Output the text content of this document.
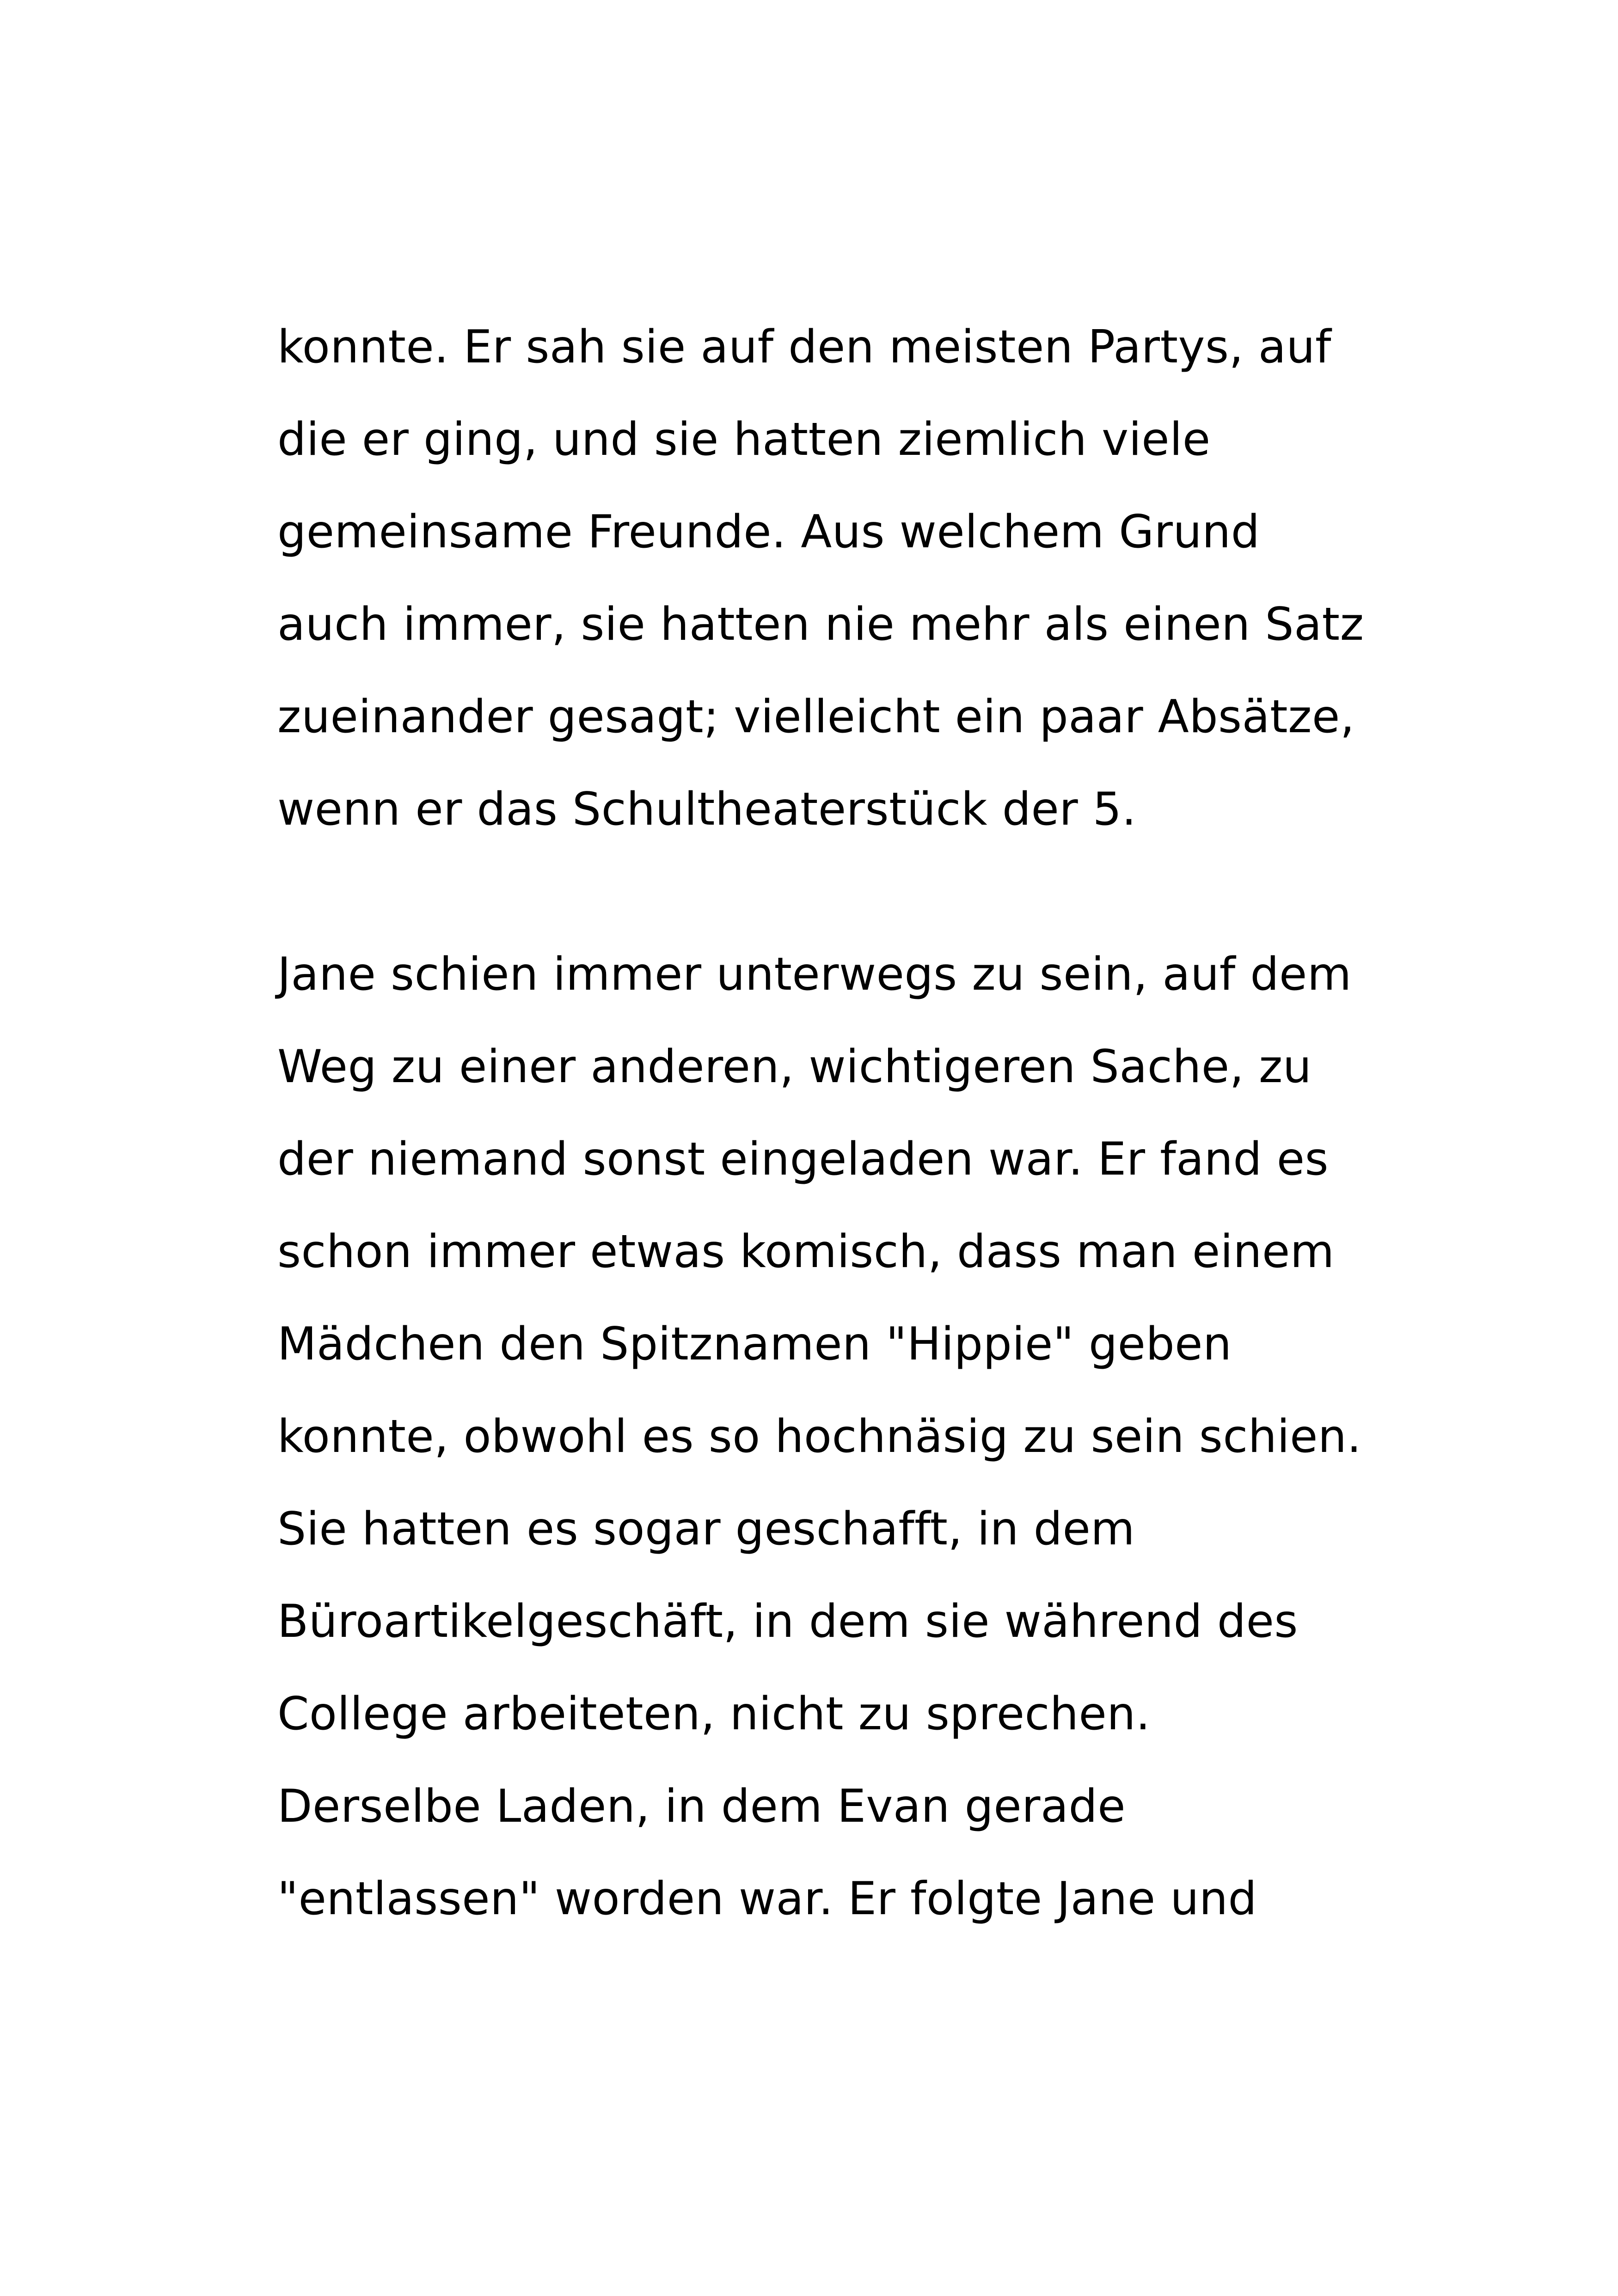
konnte. Er sah sie auf den meisten Partys, auf
die er ging, und sie hatten ziemlich viele
gemeinsame Freunde. Aus welchem Grund
auch immer, sie hatten nie mehr als einen Satz
zueinander gesagt; vielleicht ein paar Absätze,
wenn er das Schultheaterstück der 5.

Jane schien immer unterwegs zu sein, auf dem
Weg zu einer anderen, wichtigeren Sache, zu
der niemand sonst eingeladen war. Er fand es
schon immer etwas komisch, dass man einem
Mädchen den Spitznamen "Hippie" geben
konnte, obwohl es so hochnäsig zu sein schien.
Sie hatten es sogar geschafft, in dem
Büroartikelgeschäft, in dem sie während des
College arbeiteten, nicht zu sprechen.
Derselbe Laden, in dem Evan gerade
"entlassen" worden war. Er folgte Jane und
